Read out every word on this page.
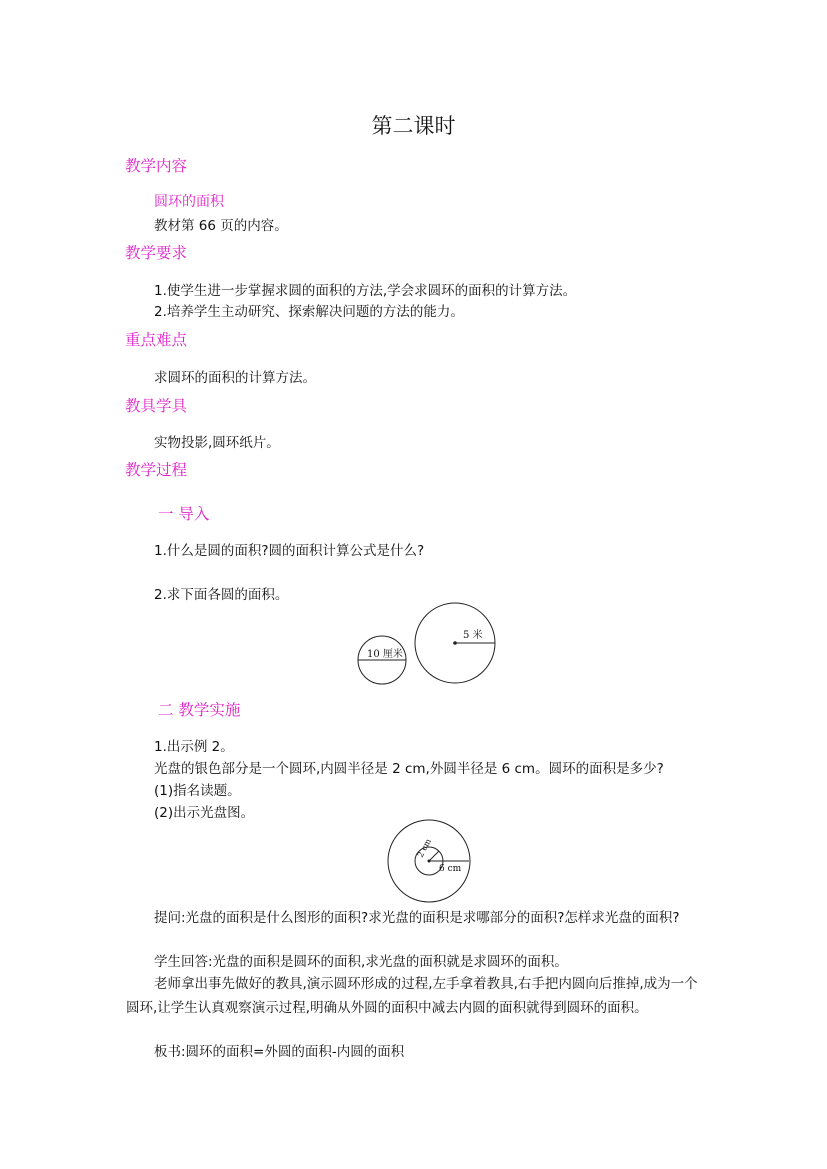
第二课时
教学内容
圆环的面积
教材第 66 页的内容。
教学要求
1.使学生进一步掌握求圆的面积的方法,学会求圆环的面积的计算方法。
2.培养学生主动研究、探索解决问题的方法的能力。
重点难点
求圆环的面积的计算方法。
教具学具
实物投影,圆环纸片。
教学过程
一 导入
1.什么是圆的面积?圆的面积计算公式是什么?
2.求下面各圆的面积。
10 厘米
5 米
二 教学实施
1.出示例 2。
光盘的银色部分是一个圆环,内圆半径是 2 cm,外圆半径是 6 cm。圆环的面积是多少?
(1)指名读题。
(2)出示光盘图。
2 cm
6 cm
提问:光盘的面积是什么图形的面积?求光盘的面积是求哪部分的面积?怎样求光盘的面积?
学生回答:光盘的面积是圆环的面积,求光盘的面积就是求圆环的面积。
老师拿出事先做好的教具,演示圆环形成的过程,左手拿着教具,右手把内圆向后推掉,成为一个圆环,让学生认真观察演示过程,明确从外圆的面积中减去内圆的面积就得到圆环的面积。
板书:圆环的面积=外圆的面积-内圆的面积
